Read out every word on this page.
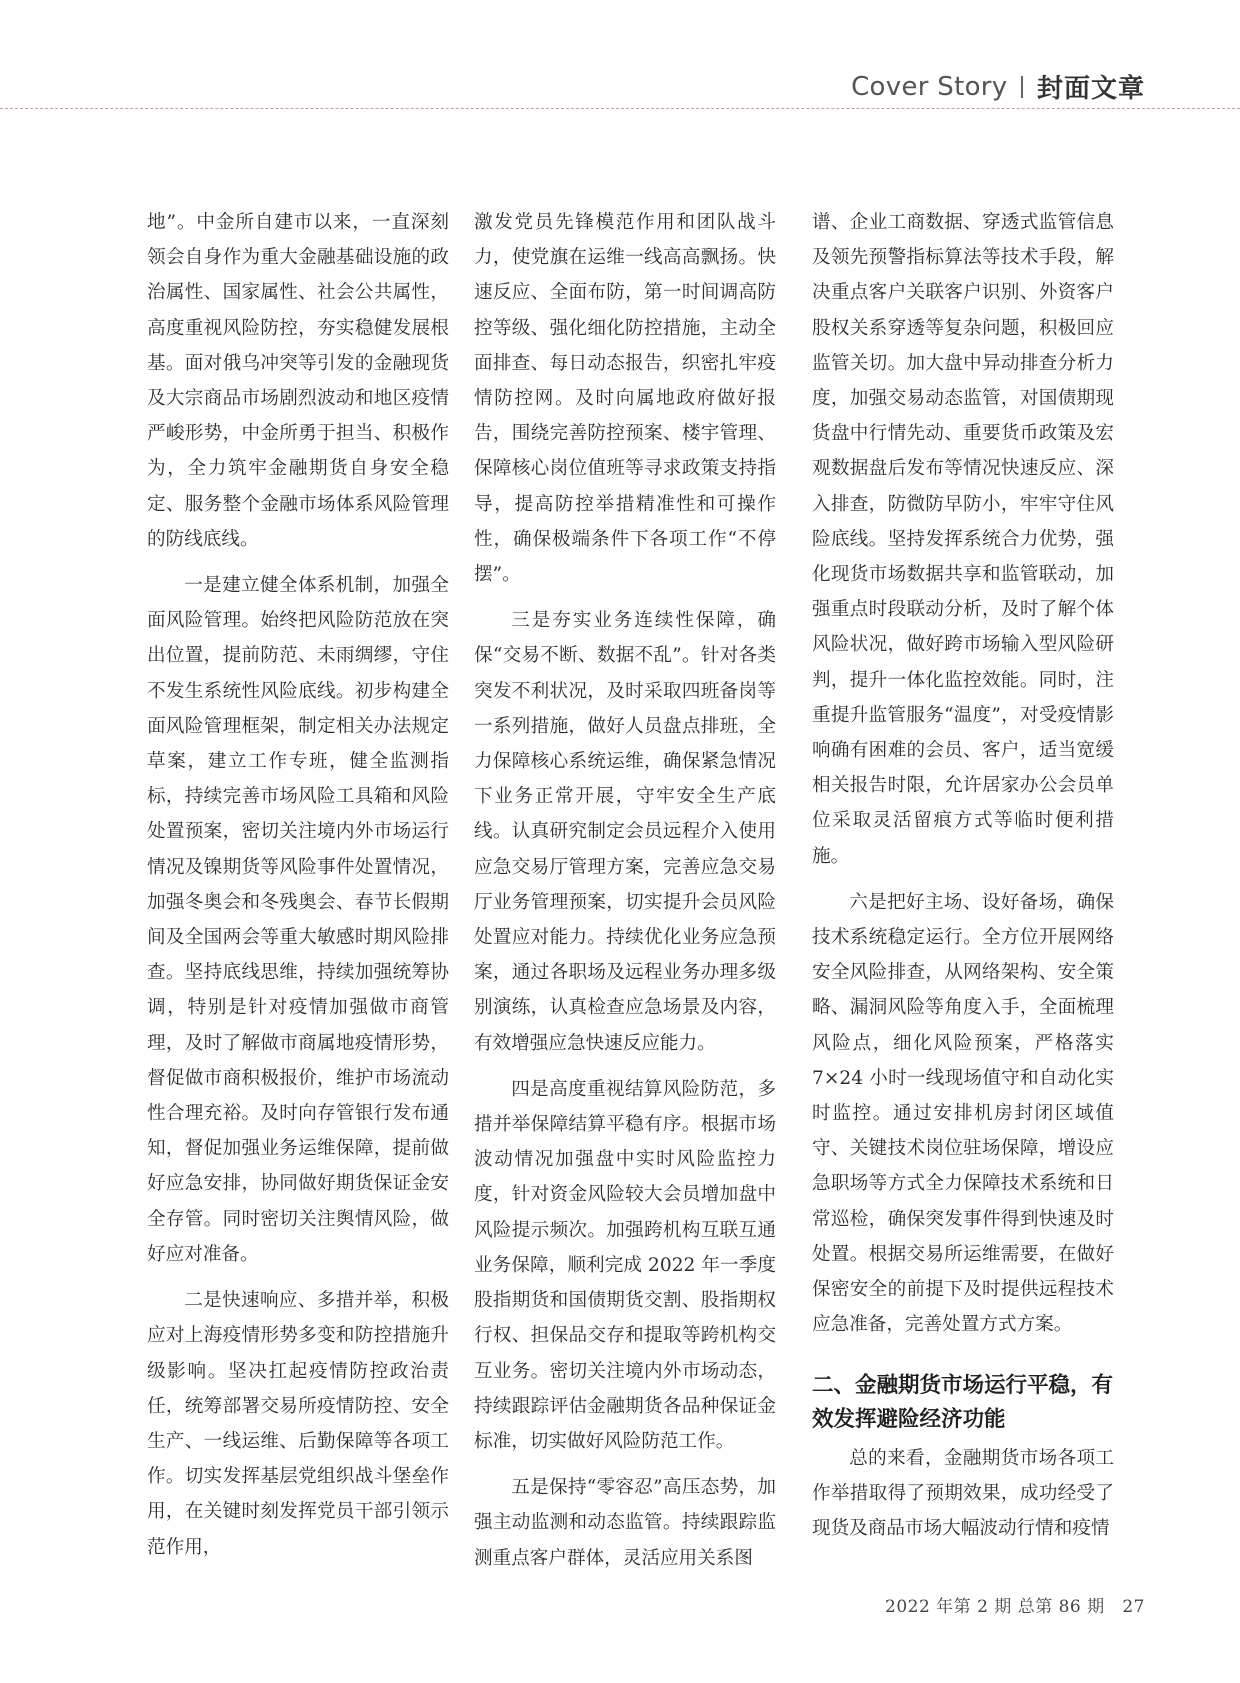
Cover Story 封面文章

地”。中金所自建市以来，一直深刻领会自身作为重大金融基础设施的政治属性、国家属性、社会公共属性，高度重视风险防控，夯实稳健发展根基。面对俄乌冲突等引发的金融现货及大宗商品市场剧烈波动和地区疫情严峻形势，中金所勇于担当、积极作为，全力筑牢金融期货自身安全稳定、服务整个金融市场体系风险管理的防线底线。

一是建立健全体系机制，加强全面风险管理。始终把风险防范放在突出位置，提前防范、未雨绸缪，守住不发生系统性风险底线。初步构建全面风险管理框架，制定相关办法规定草案，建立工作专班，健全监测指标，持续完善市场风险工具箱和风险处置预案，密切关注境内外市场运行情况及镍期货等风险事件处置情况，加强冬奥会和冬残奥会、春节长假期间及全国两会等重大敏感时期风险排查。坚持底线思维，持续加强统筹协调，特别是针对疫情加强做市商管理，及时了解做市商属地疫情形势，督促做市商积极报价，维护市场流动性合理充裕。及时向存管银行发布通知，督促加强业务运维保障，提前做好应急安排，协同做好期货保证金安全存管。同时密切关注舆情风险，做好应对准备。

二是快速响应、多措并举，积极应对上海疫情形势多变和防控措施升级影响。坚决扛起疫情防控政治责任，统筹部署交易所疫情防控、安全生产、一线运维、后勤保障等各项工作。切实发挥基层党组织战斗堡垒作用，在关键时刻发挥党员干部引领示范作用，

激发党员先锋模范作用和团队战斗力，使党旗在运维一线高高飘扬。快速反应、全面布防，第一时间调高防控等级、强化细化防控措施，主动全面排查、每日动态报告，织密扎牢疫情防控网。及时向属地政府做好报告，围绕完善防控预案、楼宇管理、保障核心岗位值班等寻求政策支持指导，提高防控举措精准性和可操作性，确保极端条件下各项工作“不停摆”。

三是夯实业务连续性保障，确保“交易不断、数据不乱”。针对各类突发不利状况，及时采取四班备岗等一系列措施，做好人员盘点排班，全力保障核心系统运维，确保紧急情况下业务正常开展，守牢安全生产底线。认真研究制定会员远程介入使用应急交易厅管理方案，完善应急交易厅业务管理预案，切实提升会员风险处置应对能力。持续优化业务应急预案，通过各职场及远程业务办理多级别演练，认真检查应急场景及内容，有效增强应急快速反应能力。

四是高度重视结算风险防范，多措并举保障结算平稳有序。根据市场波动情况加强盘中实时风险监控力度，针对资金风险较大会员增加盘中风险提示频次。加强跨机构互联互通业务保障，顺利完成 2022 年一季度股指期货和国债期货交割、股指期权行权、担保品交存和提取等跨机构交互业务。密切关注境内外市场动态，持续跟踪评估金融期货各品种保证金标准，切实做好风险防范工作。

五是保持“零容忍”高压态势，加强主动监测和动态监管。持续跟踪监测重点客户群体，灵活应用关系图

谱、企业工商数据、穿透式监管信息及领先预警指标算法等技术手段，解决重点客户关联客户识别、外资客户股权关系穿透等复杂问题，积极回应监管关切。加大盘中异动排查分析力度，加强交易动态监管，对国债期现货盘中行情先动、重要货币政策及宏观数据盘后发布等情况快速反应、深入排查，防微防早防小，牢牢守住风险底线。坚持发挥系统合力优势，强化现货市场数据共享和监管联动，加强重点时段联动分析，及时了解个体风险状况，做好跨市场输入型风险研判，提升一体化监控效能。同时，注重提升监管服务“温度”，对受疫情影响确有困难的会员、客户，适当宽缓相关报告时限，允许居家办公会员单位采取灵活留痕方式等临时便利措施。

六是把好主场、设好备场，确保技术系统稳定运行。全方位开展网络安全风险排查，从网络架构、安全策略、漏洞风险等角度入手，全面梳理风险点，细化风险预案，严格落实 7×24 小时一线现场值守和自动化实时监控。通过安排机房封闭区域值守、关键技术岗位驻场保障，增设应急职场等方式全力保障技术系统和日常巡检，确保突发事件得到快速及时处置。根据交易所运维需要，在做好保密安全的前提下及时提供远程技术应急准备，完善处置方式方案。

二、金融期货市场运行平稳，有效发挥避险经济功能

总的来看，金融期货市场各项工作举措取得了预期效果，成功经受了现货及商品市场大幅波动行情和疫情

2022 年第 2 期 总第 86 期 27
